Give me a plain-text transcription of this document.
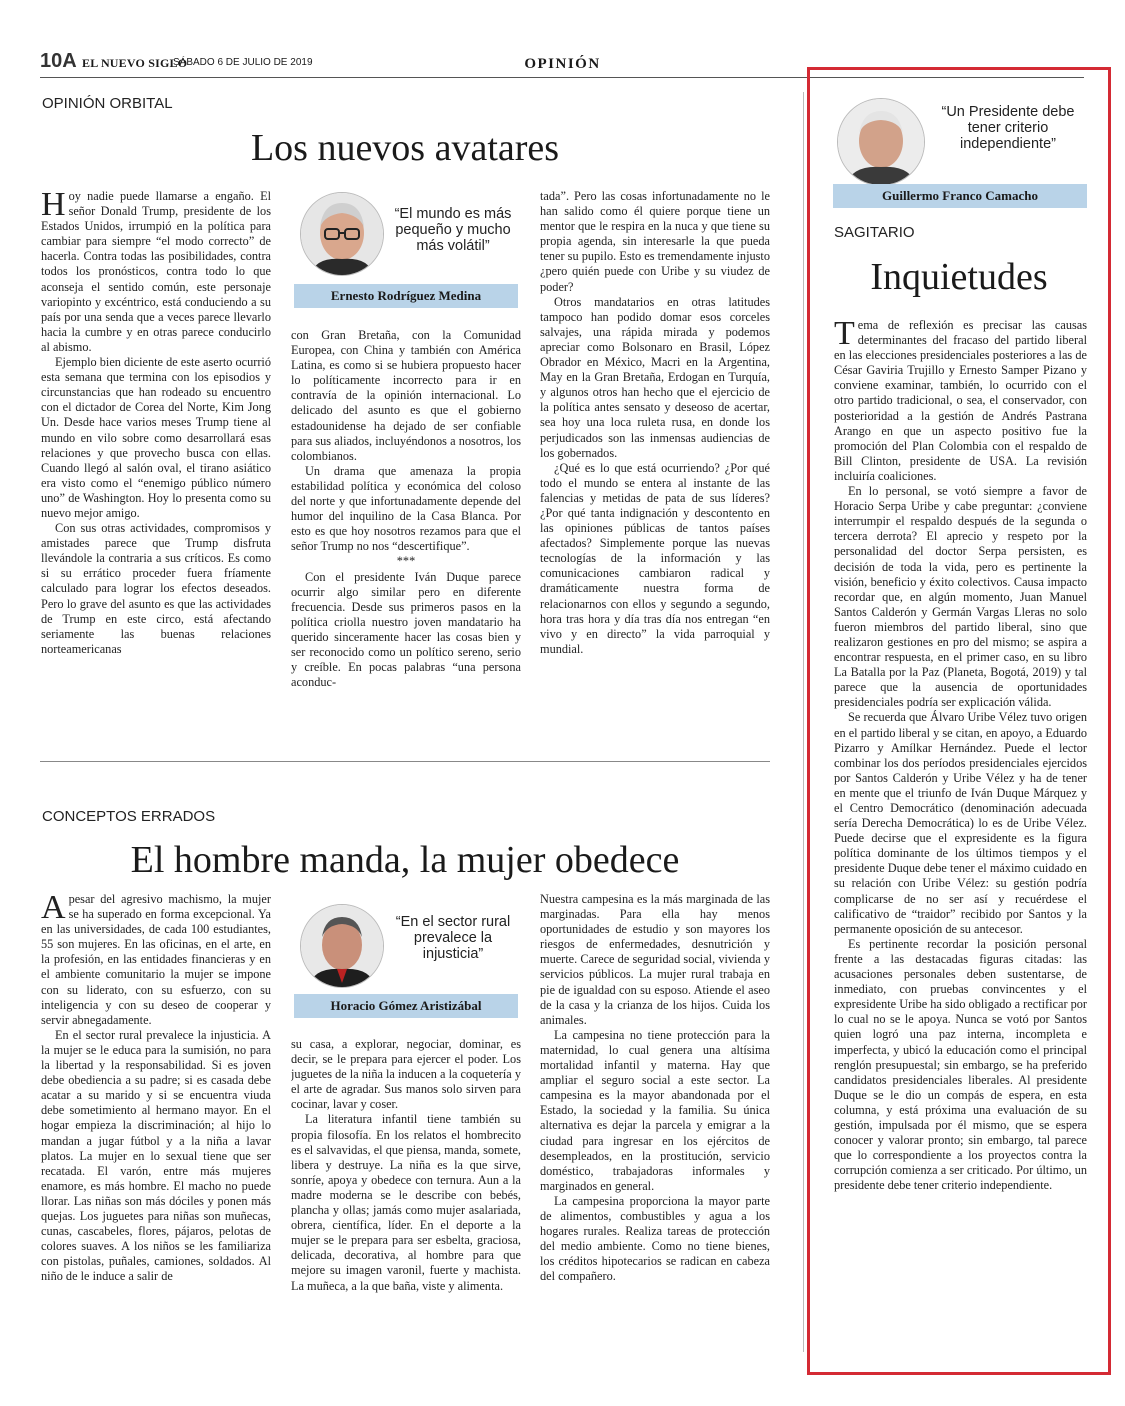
10A EL NUEVO SIGLO
SÁBADO 6 DE JULIO DE 2019	OPINIÓN
OPINIÓN ORBITAL
Los nuevos avatares

Hoy nadie puede llamarse a engaño. El señor Donald Trump, presidente de los Estados Unidos, irrumpió en la política para cambiar para siempre “el modo correcto” de hacerla. Contra todas las posibilidades, contra todos los pronósticos, contra todo lo que aconseja el sentido común, este personaje variopinto y excéntrico, está conduciendo a su país por una senda que a veces parece llevarlo hacia la cumbre y en otras parece conducirlo al abismo.

Ejemplo bien diciente de este aserto ocurrió esta semana que termina con los episodios y circunstancias que han rodeado su encuentro con el dictador de Corea del Norte, Kim Jong Un. Desde hace varios meses Trump tiene al mundo en vilo sobre como desarrollará esas relaciones y que provecho busca con ellas. Cuando llegó al salón oval, el tirano asiático era visto como el “enemigo público número uno” de Washington. Hoy lo presenta como su nuevo mejor amigo.

Con sus otras actividades, compromisos y amistades parece que Trump disfruta llevándole la contraria a sus críticos. Es como si su errático proceder fuera fríamente calculado para lograr los efectos deseados. Pero lo grave del asunto es que las actividades de Trump en este circo, está afectando seriamente las buenas relaciones norteamericanas

“El mundo es más pequeño y mucho más volátil”
Ernesto Rodríguez Medina

con Gran Bretaña, con la Comunidad Europea, con China y también con América Latina, es como si se hubiera propuesto hacer lo políticamente incorrecto para ir en contravía de la opinión internacional. Lo delicado del asunto es que el gobierno estadounidense ha dejado de ser confiable para sus aliados, incluyéndonos a nosotros, los colombianos.

Un drama que amenaza la propia estabilidad política y económica del coloso del norte y que infortunadamente depende del humor del inquilino de la Casa Blanca. Por esto es que hoy nosotros rezamos para que el señor Trump no nos “descertifique”.

***

Con el presidente Iván Duque parece ocurrir algo similar pero en diferente frecuencia. Desde sus primeros pasos en la política criolla nuestro joven mandatario ha querido sinceramente hacer las cosas bien y ser reconocido como un político sereno, serio y creíble. En pocas palabras “una persona aconduc-

tada”. Pero las cosas infortunadamente no le han salido como él quiere porque tiene un mentor que le respira en la nuca y que tiene su propia agenda, sin interesarle la que pueda tener su pupilo. Esto es tremendamente injusto ¿pero quién puede con Uribe y su viudez de poder?

Otros mandatarios en otras latitudes tampoco han podido domar esos corceles salvajes, una rápida mirada y podemos apreciar como Bolsonaro en Brasil, López Obrador en México, Macri en la Argentina, May en la Gran Bretaña, Erdogan en Turquía, y algunos otros han hecho que el ejercicio de la política antes sensato y deseoso de acertar, sea hoy una loca ruleta rusa, en donde los perjudicados son las inmensas audiencias de los gobernados.

¿Qué es lo que está ocurriendo? ¿Por qué todo el mundo se entera al instante de las falencias y metidas de pata de sus líderes? ¿Por qué tanta indignación y descontento en las opiniones públicas de tantos países afectados? Simplemente porque las nuevas tecnologías de la información y las comunicaciones cambiaron radical y dramáticamente nuestra forma de relacionarnos con ellos y segundo a segundo, hora tras hora y día tras día nos entregan “en vivo y en directo” la vida parroquial y mundial.

CONCEPTOS ERRADOS
El hombre manda, la mujer obedece

Apesar del agresivo machismo, la mujer se ha superado en forma excepcional. Ya en las universidades, de cada 100 estudiantes, 55 son mujeres. En las oficinas, en el arte, en la profesión, en las entidades financieras y en el ambiente comunitario la mujer se impone con su liderato, con su esfuerzo, con su inteligencia y con su deseo de cooperar y servir abnegadamente.

En el sector rural prevalece la injusticia. A la mujer se le educa para la sumisión, no para la libertad y la responsabilidad. Si es joven debe obediencia a su padre; si es casada debe acatar a su marido y si se encuentra viuda debe sometimiento al hermano mayor. En el hogar empieza la discriminación; al hijo lo mandan a jugar fútbol y a la niña a lavar platos. La mujer en lo sexual tiene que ser recatada. El varón, entre más mujeres enamore, es más hombre. El macho no puede llorar. Las niñas son más dóciles y ponen más quejas. Los juguetes para niñas son muñecas, cunas, cascabeles, flores, pájaros, pelotas de colores suaves. A los niños se les familiariza con pistolas, puñales, camiones, soldados. Al niño de le induce a salir de

“En el sector rural prevalece la injusticia”
Horacio Gómez Aristizábal

su casa, a explorar, negociar, dominar, es decir, se le prepara para ejercer el poder. Los juguetes de la niña la inducen a la coquetería y el arte de agradar. Sus manos solo sirven para cocinar, lavar y coser.

La literatura infantil tiene también su propia filosofía. En los relatos el hombrecito es el salvavidas, el que piensa, manda, somete, libera y destruye. La niña es la que sirve, sonríe, apoya y obedece con ternura. Aun a la madre moderna se le describe con bebés, plancha y ollas; jamás como mujer asalariada, obrera, científica, líder. En el deporte a la mujer se le prepara para ser esbelta, graciosa, delicada, decorativa, al hombre para que mejore su imagen varonil, fuerte y machista. La muñeca, a la que baña, viste y alimenta.

Nuestra campesina es la más marginada de las marginadas. Para ella hay menos oportunidades de estudio y son mayores los riesgos de enfermedades, desnutrición y muerte. Carece de seguridad social, vivienda y servicios públicos. La mujer rural trabaja en pie de igualdad con su esposo. Atiende el aseo de la casa y la crianza de los hijos. Cuida los animales.

La campesina no tiene protección para la maternidad, lo cual genera una altísima mortalidad infantil y materna. Hay que ampliar el seguro social a este sector. La campesina es la mayor abandonada por el Estado, la sociedad y la familia. Su única alternativa es dejar la parcela y emigrar a la ciudad para ingresar en los ejércitos de desempleados, en la prostitución, servicio doméstico, trabajadoras informales y marginados en general.

La campesina proporciona la mayor parte de alimentos, combustibles y agua a los hogares rurales. Realiza tareas de protección del medio ambiente. Como no tiene bienes, los créditos hipotecarios se radican en cabeza del compañero.

“Un Presidente debe tener criterio independiente”
Guillermo Franco Camacho
SAGITARIO
Inquietudes

Tema de reflexión es precisar las causas determinantes del fracaso del partido liberal en las elecciones presidenciales posteriores a las de César Gaviria Trujillo y Ernesto Samper Pizano y conviene examinar, también, lo ocurrido con el otro partido tradicional, o sea, el conservador, con posterioridad a la gestión de Andrés Pastrana Arango en que un aspecto positivo fue la promoción del Plan Colombia con el respaldo de Bill Clinton, presidente de USA. La revisión incluiría coaliciones.

En lo personal, se votó siempre a favor de Horacio Serpa Uribe y cabe preguntar: ¿conviene interrumpir el respaldo después de la segunda o tercera derrota? El aprecio y respeto por la personalidad del doctor Serpa persisten, es decisión de toda la vida, pero es pertinente la visión, beneficio y éxito colectivos. Causa impacto recordar que, en algún momento, Juan Manuel Santos Calderón y Germán Vargas Lleras no solo fueron miembros del partido liberal, sino que realizaron gestiones en pro del mismo; se aspira a encontrar respuesta, en el primer caso, en su libro La Batalla por la Paz (Planeta, Bogotá, 2019) y tal parece que la ausencia de oportunidades presidenciales podría ser explicación válida.

Se recuerda que Álvaro Uribe Vélez tuvo origen en el partido liberal y se citan, en apoyo, a Eduardo Pizarro y Amílkar Hernández. Puede el lector combinar los dos períodos presidenciales ejercidos por Santos Calderón y Uribe Vélez y ha de tener en mente que el triunfo de Iván Duque Márquez y el Centro Democrático (denominación adecuada sería Derecha Democrática) lo es de Uribe Vélez. Puede decirse que el expresidente es la figura política dominante de los últimos tiempos y el presidente Duque debe tener el máximo cuidado en su relación con Uribe Vélez: su gestión podría complicarse de no ser así y recuérdese el calificativo de “traidor” recibido por Santos y la permanente oposición de su antecesor.

Es pertinente recordar la posición personal frente a las destacadas figuras citadas: las acusaciones personales deben sustentarse, de inmediato, con pruebas convincentes y el expresidente Uribe ha sido obligado a rectificar por lo cual no se le apoya. Nunca se votó por Santos quien logró una paz interna, incompleta e imperfecta, y ubicó la educación como el principal renglón presupuestal; sin embargo, se ha preferido candidatos presidenciales liberales. Al presidente Duque se le dio un compás de espera, en esta columna, y está próxima una evaluación de su gestión, impulsada por él mismo, que se espera conocer y valorar pronto; sin embargo, tal parece que lo correspondiente a los proyectos contra la corrupción comienza a ser criticado. Por último, un presidente debe tener criterio independiente.
